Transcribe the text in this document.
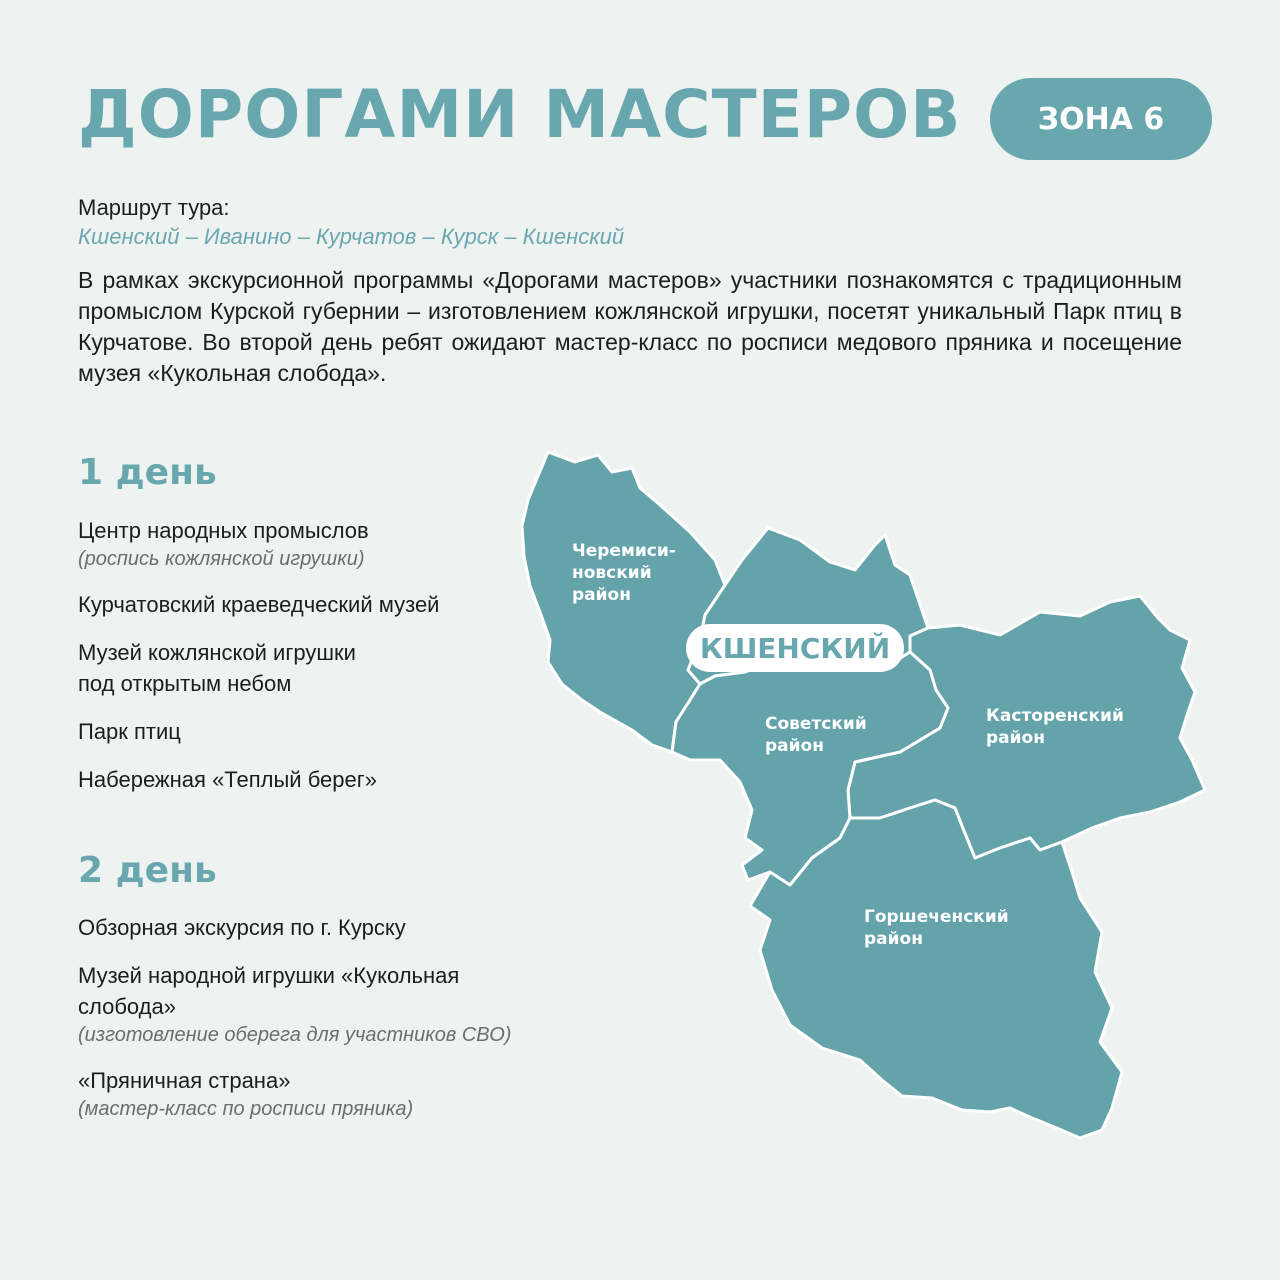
ДОРОГАМИ МАСТЕРОВ	ЗОНА 6
Маршрут тура:
Кшенский – Иванино – Курчатов – Курск – Кшенский
В рамках экскурсионной программы «Дорогами мастеров» участники познакомятся с традиционным промыслом Курской губернии – изготовлением кожлянской игрушки, посетят уникальный Парк птиц в Курчатове. Во второй день ребят ожидают мастер-класс по росписи медового пряника и посещение музея «Кукольная слобода».
1 день
Центр народных промыслов
(роспись кожлянской игрушки)
Курчатовский краеведческий музей
Музей кожлянской игрушки
под открытым небом
Парк птиц
Набережная «Теплый берег»
2 день
Обзорная экскурсия по г. Курску
Музей народной игрушки «Кукольная слобода»
(изготовление оберега для участников СВО)
«Пряничная страна»
(мастер-класс по росписи пряника)
Черемиси-
новский
район
Советский
район
Касторенский
район
Горшеченский
район
КШЕНСКИЙ
